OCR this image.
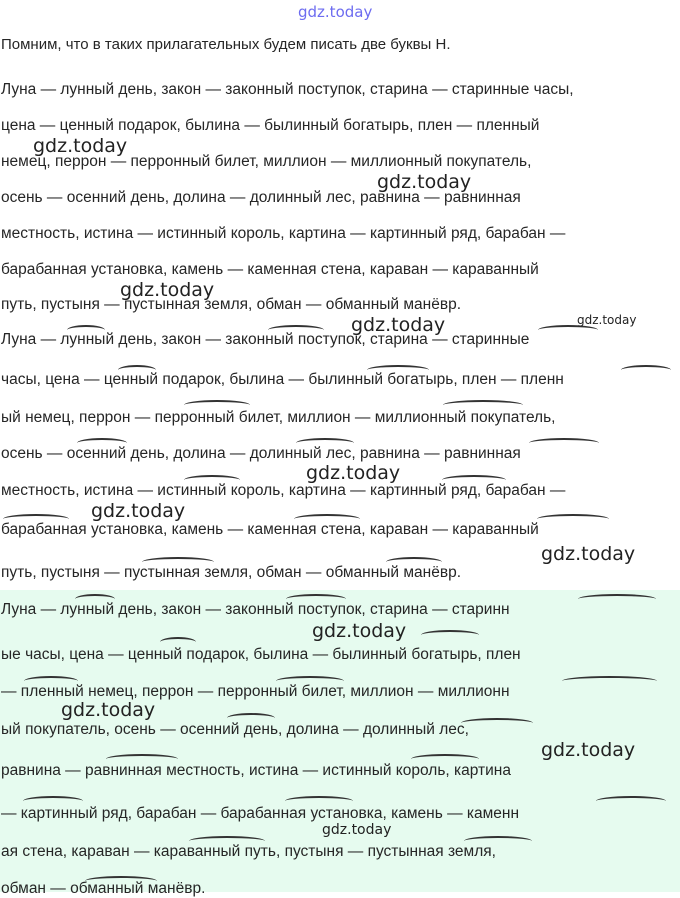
gdz.today
Помним, что в таких прилагательных будем писать две буквы Н.
Луна — лунный день, закон — законный поступок, старина — старинные часы,
цена — ценный подарок, былина — былинный богатырь, плен — пленный
немец, перрон — перронный билет, миллион — миллионный покупатель,
осень — осенний день, долина — долинный лес, равнина — равнинная
местность, истина — истинный король, картина — картинный ряд, барабан —
барабанная установка, камень — каменная стена, караван — караванный
путь, пустыня — пустынная земля, обман — обманный манёвр.
Луна — лунный день, закон — законный поступок, старина — старинные
часы, цена — ценный подарок, былина — былинный богатырь, плен — пленн
ый немец, перрон — перронный билет, миллион — миллионный покупатель,
осень — осенний день, долина — долинный лес, равнина — равнинная
местность, истина — истинный король, картина — картинный ряд, барабан —
барабанная установка, камень — каменная стена, караван — караванный
путь, пустыня — пустынная земля, обман — обманный манёвр.
Луна — лунный день, закон — законный поступок, старина — старинн
ые часы, цена — ценный подарок, былина — былинный богатырь, плен
— пленный немец, перрон — перронный билет, миллион — миллионн
ый покупатель, осень — осенний день, долина — долинный лес,
равнина — равнинная местность, истина — истинный король, картина
— картинный ряд, барабан — барабанная установка, камень — каменн
ая стена, караван — караванный путь, пустыня — пустынная земля,
обман — обманный манёвр.
gdz.today
gdz.today
gdz.today
gdz.today	gdz.today
gdz.today
gdz.today
gdz.today
gdz.today
gdz.today
gdz.today
gdz.today
